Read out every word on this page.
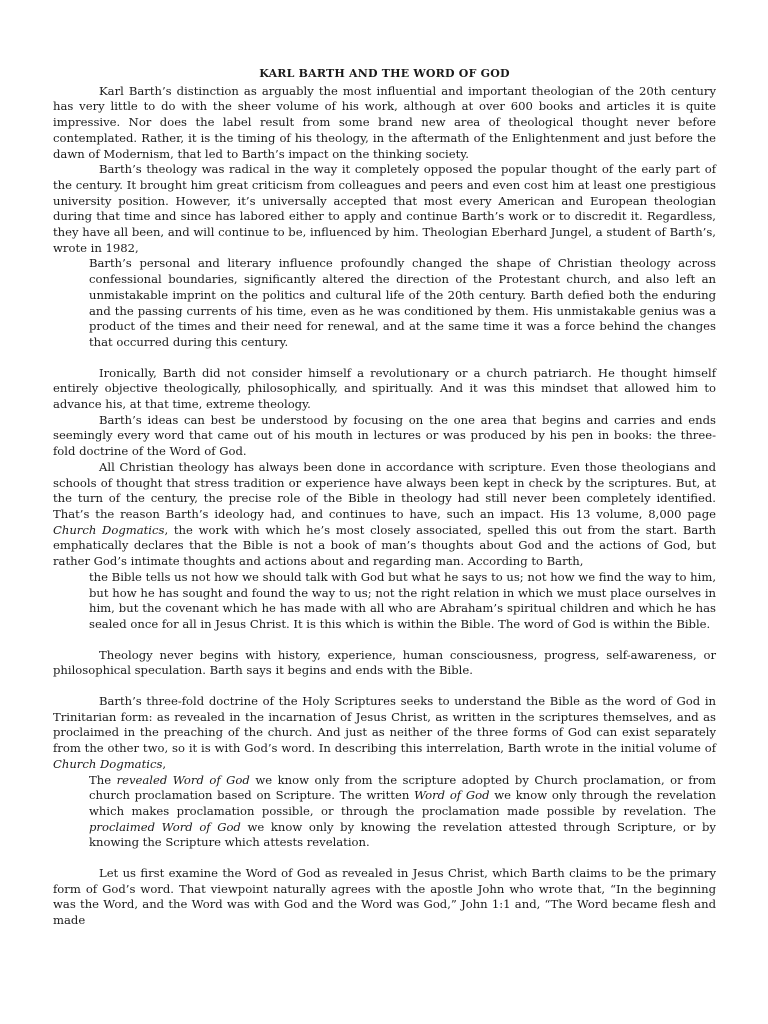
KARL BARTH AND THE WORD OF GOD

Karl Barth’s distinction as arguably the most influential and important theologian of the 20th century has very little to do with the sheer volume of his work, although at over 600 books and articles it is quite impressive. Nor does the label result from some brand new area of theological thought never before contemplated. Rather, it is the timing of his theology, in the aftermath of the Enlightenment and just before the dawn of Modernism, that led to Barth’s impact on the thinking society.

Barth’s theology was radical in the way it completely opposed the popular thought of the early part of the century. It brought him great criticism from colleagues and peers and even cost him at least one prestigious university position. However, it’s universally accepted that most every American and European theologian during that time and since has labored either to apply and continue Barth’s work or to discredit it. Regardless, they have all been, and will continue to be, influenced by him. Theologian Eberhard Jungel, a student of Barth’s, wrote in 1982,

Barth’s personal and literary influence profoundly changed the shape of Christian theology across confessional boundaries, significantly altered the direction of the Protestant church, and also left an unmistakable imprint on the politics and cultural life of the 20th century. Barth defied both the enduring and the passing currents of his time, even as he was conditioned by them. His unmistakable genius was a product of the times and their need for renewal, and at the same time it was a force behind the changes that occurred during this century.

Ironically, Barth did not consider himself a revolutionary or a church patriarch. He thought himself entirely objective theologically, philosophically, and spiritually. And it was this mindset that allowed him to advance his, at that time, extreme theology.

Barth’s ideas can best be understood by focusing on the one area that begins and carries and ends seemingly every word that came out of his mouth in lectures or was produced by his pen in books: the three-fold doctrine of the Word of God.

All Christian theology has always been done in accordance with scripture. Even those theologians and schools of thought that stress tradition or experience have always been kept in check by the scriptures. But, at the turn of the century, the precise role of the Bible in theology had still never been completely identified. That’s the reason Barth’s ideology had, and continues to have, such an impact. His 13 volume, 8,000 page Church Dogmatics, the work with which he’s most closely associated, spelled this out from the start. Barth emphatically declares that the Bible is not a book of man’s thoughts about God and the actions of God, but rather God’s intimate thoughts and actions about and regarding man. According to Barth,

the Bible tells us not how we should talk with God but what he says to us; not how we find the way to him, but how he has sought and found the way to us; not the right relation in which we must place ourselves in him, but the covenant which he has made with all who are Abraham’s spiritual children and which he has sealed once for all in Jesus Christ. It is this which is within the Bible. The word of God is within the Bible.

Theology never begins with history, experience, human consciousness, progress, self-awareness, or philosophical speculation. Barth says it begins and ends with the Bible.

Barth’s three-fold doctrine of the Holy Scriptures seeks to understand the Bible as the word of God in Trinitarian form: as revealed in the incarnation of Jesus Christ, as written in the scriptures themselves, and as proclaimed in the preaching of the church. And just as neither of the three forms of God can exist separately from the other two, so it is with God’s word. In describing this interrelation, Barth wrote in the initial volume of Church Dogmatics,

The revealed Word of God we know only from the scripture adopted by Church proclamation, or from church proclamation based on Scripture. The written Word of God we know only through the revelation which makes proclamation possible, or through the proclamation made possible by revelation. The proclaimed Word of God we know only by knowing the revelation attested through Scripture, or by knowing the Scripture which attests revelation.

Let us first examine the Word of God as revealed in Jesus Christ, which Barth claims to be the primary form of God’s word. That viewpoint naturally agrees with the apostle John who wrote that, “In the beginning was the Word, and the Word was with God and the Word was God,” John 1:1 and, “The Word became flesh and made
